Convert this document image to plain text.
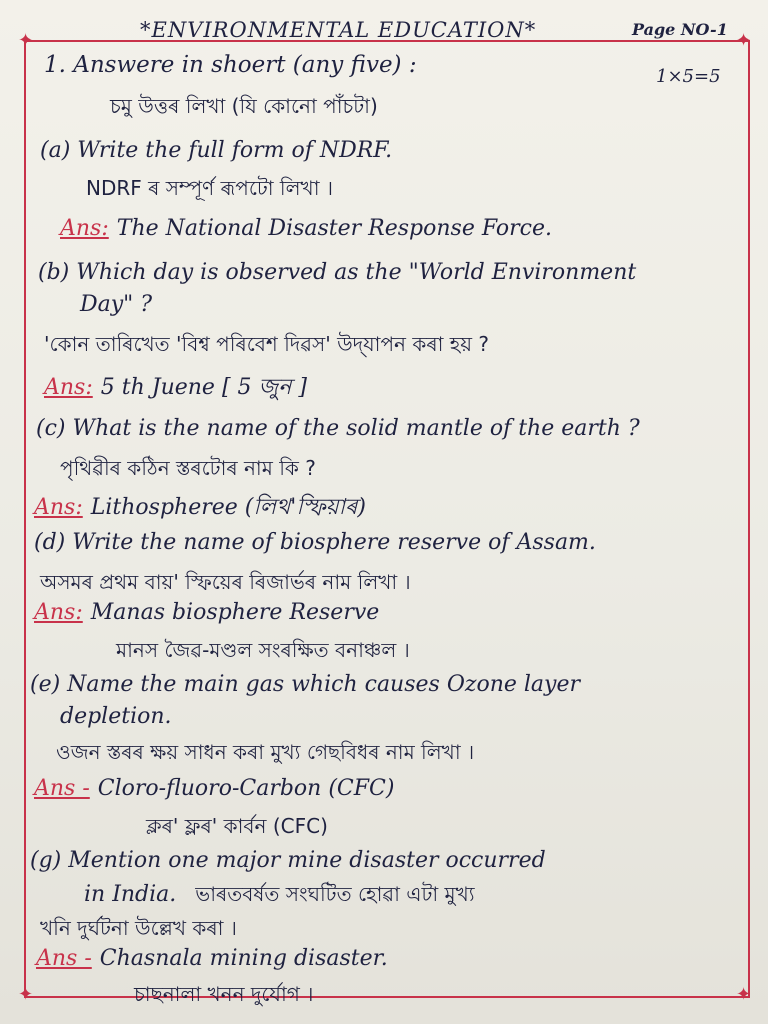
*ENVIRONMENTAL EDUCATION*	Page NO-1
✦	✦
✦	✦
1. Answere in shoert (any five) :	1×5=5
চমু উত্তৰ লিখা (যি কোনো পাঁচটা)
(a) Write the full form of NDRF.
NDRF ৰ সম্পূৰ্ণ ৰূপটো লিখা ।
Ans: The National Disaster Response Force.
(b) Which day is observed as the "World Environment
Day" ?
'কোন তাৰিখেত 'বিশ্ব পৰিবেশ দিৱস' উদ্‌যাপন কৰা হয় ?
Ans: 5 th Juene [ 5 জুন ]
(c) What is the name of the solid mantle of the earth ?
পৃথিৱীৰ কঠিন স্তৰটোৰ নাম কি ?
Ans: Lithospheree (লিথ'স্ফিয়াৰ)
(d) Write the name of biosphere reserve of Assam.
অসমৰ প্ৰথম বায়' স্ফিয়েৰ ৰিজাৰ্ভৰ নাম লিখা ।
Ans: Manas biosphere Reserve
মানস জৈৱ-মণ্ডল সংৰক্ষিত বনাঞ্চল ।
(e) Name the main gas which causes Ozone layer
depletion.
ওজন স্তৰৰ ক্ষয় সাধন কৰা মুখ্য গেছবিধৰ নাম লিখা ।
Ans - Cloro-fluoro-Carbon (CFC)
ক্লৰ' ফ্লৰ' কাৰ্বন (CFC)
(g) Mention one major mine disaster occurred
in India. ভাৰতবৰ্ষত সংঘটিত হোৱা এটা মুখ্য
খনি দুৰ্ঘটনা উল্লেখ কৰা ।
Ans - Chasnala mining disaster.
চাছনালা খনন দুৰ্যোগ ।
